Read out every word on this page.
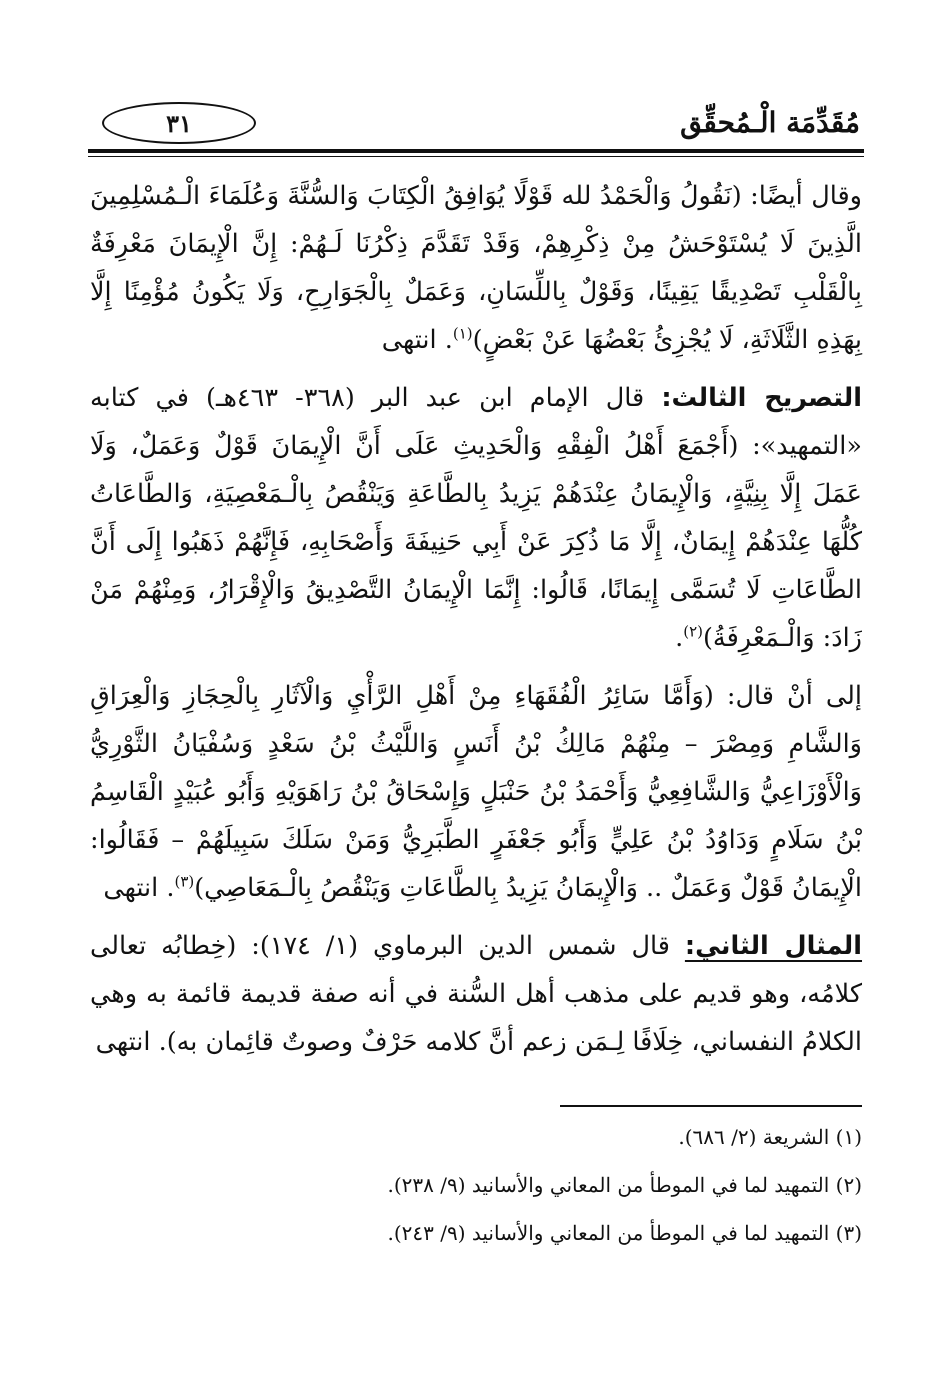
٣١	مُقَدِّمَة الْـمُحقِّق

وقال أيضًا: (نَقُولُ وَالْحَمْدُ لله قَوْلًا يُوَافِقُ الْكِتَابَ وَالسُّنَّةَ وَعُلَمَاءَ الْـمُسْلِمِينَ الَّذِينَ لَا يُسْتَوْحَشُ مِنْ ذِكْرِهِمْ، وَقَدْ تَقَدَّمَ ذِكْرُنَا لَـهُمْ: إِنَّ الْإِيمَانَ مَعْرِفَةٌ بِالْقَلْبِ تَصْدِيقًا يَقِينًا، وَقَوْلٌ بِاللِّسَانِ، وَعَمَلٌ بِالْجَوَارِحِ، وَلَا يَكُونُ مُؤْمِنًا إِلَّا بِهَذِهِ الثَّلَاثَةِ، لَا يُجْزِئُ بَعْضُهَا عَنْ بَعْضٍ)$^{(١)}$. انتهى

التصريح الثالث: قال الإمام ابن عبد البر (٣٦٨- ٤٦٣هـ) في كتابه «التمهيد»: (أَجْمَعَ أَهْلُ الْفِقْهِ وَالْحَدِيثِ عَلَى أَنَّ الْإِيمَانَ قَوْلٌ وَعَمَلٌ، وَلَا عَمَلَ إِلَّا بِنِيَّةٍ، وَالْإِيمَانُ عِنْدَهُمْ يَزِيدُ بِالطَّاعَةِ وَيَنْقُصُ بِالْـمَعْصِيَةِ، وَالطَّاعَاتُ كُلُّهَا عِنْدَهُمْ إِيمَانٌ، إِلَّا مَا ذُكِرَ عَنْ أَبِي حَنِيفَةَ وَأَصْحَابِهِ، فَإِنَّهُمْ ذَهَبُوا إِلَى أَنَّ الطَّاعَاتِ لَا تُسَمَّى إِيمَانًا، قَالُوا: إِنَّمَا الْإِيمَانُ التَّصْدِيقُ وَالْإِقْرَارُ، وَمِنْهُمْ مَنْ زَادَ: وَالْـمَعْرِفَةُ)$^{(٢)}$.

إلى أنْ قال: (وَأَمَّا سَائِرُ الْفُقَهَاءِ مِنْ أَهْلِ الرَّأْيِ وَالْآثَارِ بِالْحِجَازِ وَالْعِرَاقِ وَالشَّامِ وَمِصْرَ – مِنْهُمْ مَالِكُ بْنُ أَنَسٍ وَاللَّيْثُ بْنُ سَعْدٍ وَسُفْيَانُ الثَّوْرِيُّ وَالْأَوْزَاعِيُّ وَالشَّافِعِيُّ وَأَحْمَدُ بْنُ حَنْبَلٍ وَإِسْحَاقُ بْنُ رَاهَوَيْهِ وَأَبُو عُبَيْدٍ الْقَاسِمُ بْنُ سَلَامٍ وَدَاوُدُ بْنُ عَلِيٍّ وَأَبُو جَعْفَرٍ الطَّبَرِيُّ وَمَنْ سَلَكَ سَبِيلَهُمْ – فَقَالُوا: الْإِيمَانُ قَوْلٌ وَعَمَلٌ .. وَالْإِيمَانُ يَزِيدُ بِالطَّاعَاتِ وَيَنْقُصُ بِالْـمَعَاصِي)$^{(٣)}$. انتهى

المثال الثاني: قال شمس الدين البرماوي (١/ ١٧٤): (خِطابُه تعالى كلامُه، وهو قديم على مذهب أهل السُّنة في أنه صفة قديمة قائمة به وهي الكلامُ النفساني، خِلَافًا لِـمَن زعم أنَّ كلامه حَرْفٌ وصوتٌ قائِمان به). انتهى

(١) الشريعة (٢/ ٦٨٦).

(٢) التمهيد لما في الموطأ من المعاني والأسانيد (٩/ ٢٣٨).

(٣) التمهيد لما في الموطأ من المعاني والأسانيد (٩/ ٢٤٣).
